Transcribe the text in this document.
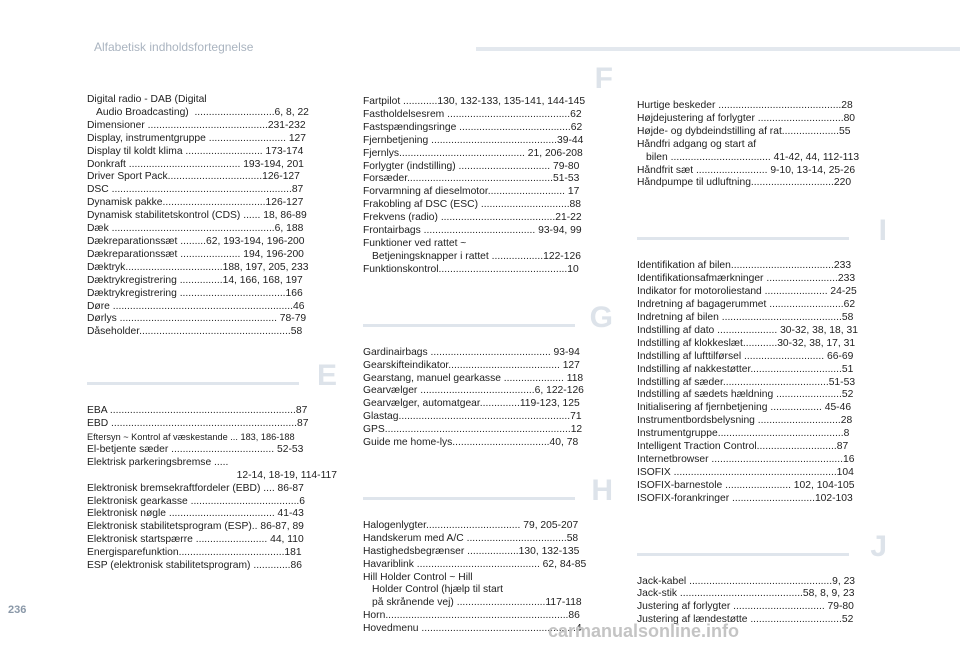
Alfabetisk indholdsfortegnelse
Digital radio - DAB (Digital
Audio Broadcasting)  ............................6, 8, 22
Dimensioner ..........................................231-232
Display, instrumentgruppe ........................... 127
Display til koldt klima ........................... 173-174
Donkraft ....................................... 193-194, 201
Driver Sport Pack.................................126-127
DSC ...............................................................87
Dynamisk pakke....................................126-127
Dynamisk stabilitetskontrol (CDS) ...... 18, 86-89
Dæk .........................................................6, 188
Dækreparationssæt .........62, 193-194, 196-200
Dækreparationssæt ..................... 194, 196-200
Dæktryk..................................188, 197, 205, 233
Dæktrykregistrering ...............14, 166, 168, 197
Dæktrykregistrering .....................................166
Døre ...............................................................46
Dørlys ....................................................... 78-79
Dåseholder.....................................................58
E
EBA .................................................................87
EBD .................................................................87
Eftersyn ~ Kontrol af væskestande ... 183, 186-188
El-betjente sæder .................................... 52-53
Elektrisk parkeringsbremse .....
12-14, 18-19, 114-117
Elektronisk bremsekraftfordeler (EBD) .... 86-87
Elektronisk gearkasse ......................................6
Elektronisk nøgle ..................................... 41-43
Elektronisk stabilitetsprogram (ESP).. 86-87, 89
Elektronisk startspærre ......................... 44, 110
Energisparefunktion.....................................181
ESP (elektronisk stabilitetsprogram) .............86
F
Fartpilot ............130, 132-133, 135-141, 144-145
Fastholdelsesrem ...........................................62
Fastspændingsringe .......................................62
Fjernbetjening ............................................39-44
Fjernlys............................................ 21, 206-208
Forlygter (indstilling) ................................ 79-80
Forsæder...................................................51-53
Forvarmning af dieselmotor........................... 17
Frakobling af DSC (ESC) ...............................88
Frekvens (radio) ........................................21-22
Frontairbags ....................................... 93-94, 99
Funktioner ved rattet ~
Betjeningsknapper i rattet ..................122-126
Funktionskontrol.............................................10
G
Gardinairbags .......................................... 93-94
Gearskifteindikator....................................... 127
Gearstang, manuel gearkasse ..................... 118
Gearvælger ........................................6, 122-126
Gearvælger, automatgear..............119-123, 125
Glastag............................................................71
GPS.................................................................12
Guide me home-lys..................................40, 78
H
Halogenlygter................................. 79, 205-207
Handskerum med A/C ...................................58
Hastighedsbegrænser ..................130, 132-135
Havariblink ........................................... 62, 84-85
Hill Holder Control ~ Hill
Holder Control (hjælp til start
på skrånende vej) ...............................117-118
Horn................................................................86
Hovedmenu ......................................................4
Hurtige beskeder ...........................................28
Højdejustering af forlygter ..............................80
Højde- og dybdeindstilling af rat....................55
Håndfri adgang og start af
bilen ................................... 41-42, 44, 112-113
Håndfrit sæt ......................... 9-10, 13-14, 25-26
Håndpumpe til udluftning.............................220
I
Identifikation af bilen....................................233
Identifikationsafmærkninger .........................233
Indikator for motoroliestand ...................... 24-25
Indretning af bagagerummet ..........................62
Indretning af bilen ..........................................58
Indstilling af dato ..................... 30-32, 38, 18, 31
Indstilling af klokkeslæt............30-32, 38, 17, 31
Indstilling af lufttilførsel ............................ 66-69
Indstilling af nakkestøtter................................51
Indstilling af sæder.....................................51-53
Indstilling af sædets hældning .......................52
Initialisering af fjernbetjening .................. 45-46
Instrumentbordsbelysning .............................28
Instrumentgruppe............................................8
Intelligent Traction Control............................87
Internetbrowser ..............................................16
ISOFIX .........................................................104
ISOFIX-barnestole ....................... 102, 104-105
ISOFIX-forankringer .............................102-103
J
Jack-kabel ..................................................9, 23
Jack-stik ...........................................58, 8, 9, 23
Justering af forlygter ................................ 79-80
Justering af lændestøtte ................................52
236
carmanualsonline.info
